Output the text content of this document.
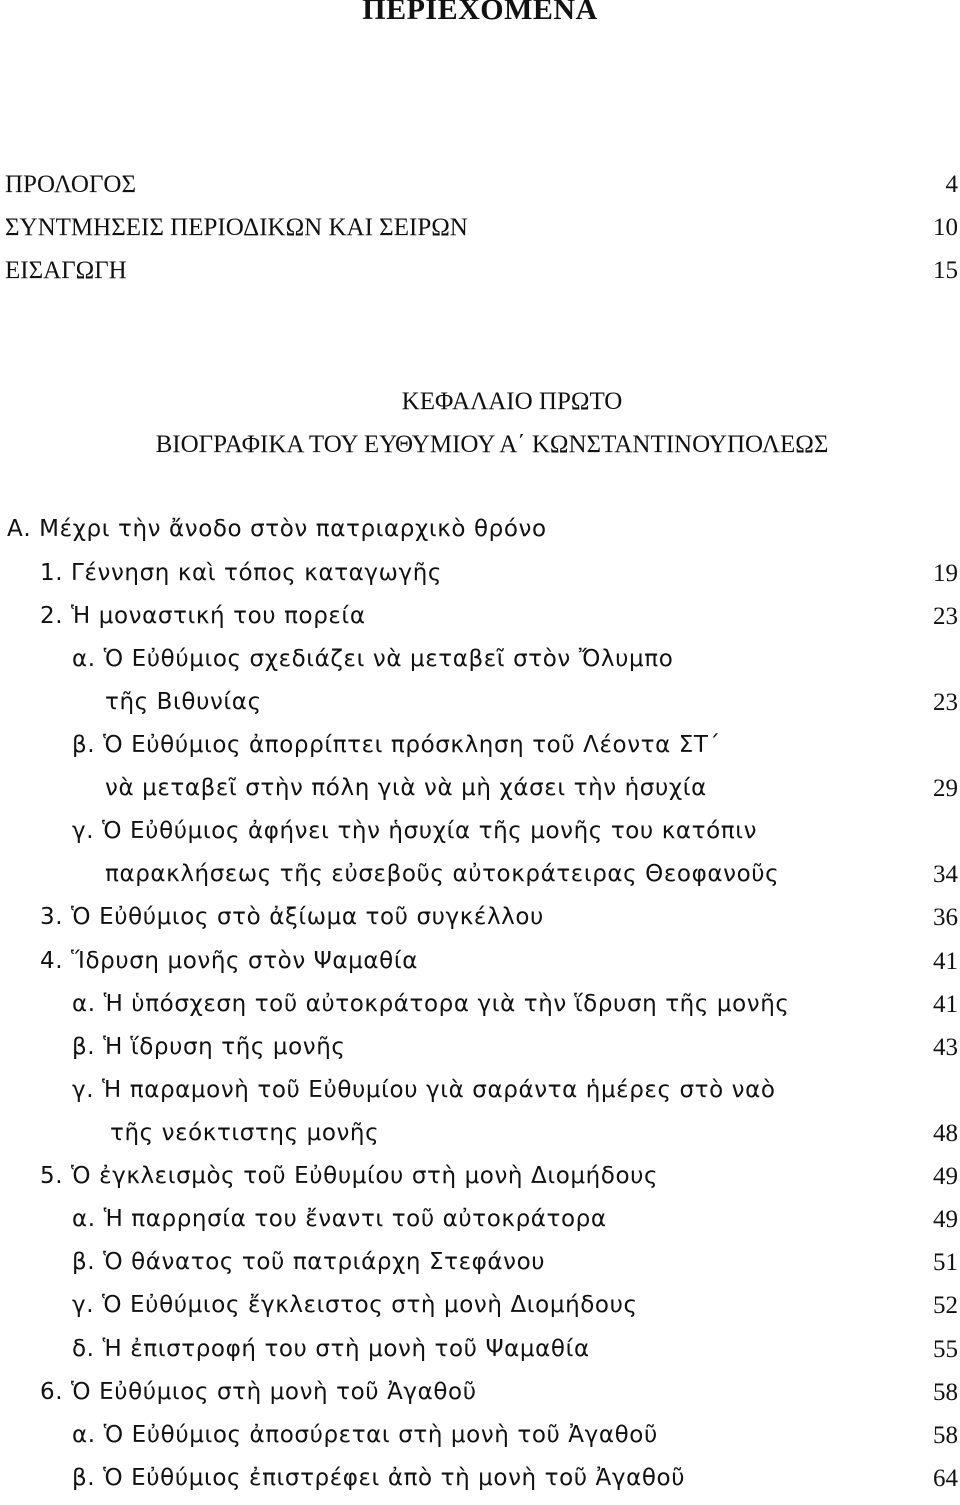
ΠΕΡΙΕΧΟΜΕΝΑ
ΠΡΟΛΟΓΟΣ	4
ΣΥΝΤΜΗΣΕΙΣ ΠΕΡΙΟΔΙΚΩΝ ΚΑΙ ΣΕΙΡΩΝ	10
ΕΙΣΑΓΩΓΗ	15
ΚΕΦΑΛΑΙΟ ΠΡΩΤΟ
ΒΙΟΓΡΑΦΙΚΑ ΤΟΥ ΕΥΘΥΜΙΟΥ Α΄ ΚΩΝΣΤΑΝΤΙΝΟΥΠΟΛΕΩΣ
Α. Μέχρι τὴν ἄνοδο στὸν πατριαρχικὸ θρόνο
1. Γέννηση καὶ τόπος καταγωγῆς	19
2. Ἡ μοναστική του πορεία	23
α. Ὁ Εὐθύμιος σχεδιάζει νὰ μεταβεῖ στὸν Ὄλυμπο
τῆς Βιθυνίας	23
β. Ὁ Εὐθύμιος ἀπορρίπτει πρόσκληση τοῦ Λέοντα ΣΤ΄
νὰ μεταβεῖ στὴν πόλη γιὰ νὰ μὴ χάσει τὴν ἡσυχία	29
γ. Ὁ Εὐθύμιος ἀφήνει τὴν ἡσυχία τῆς μονῆς του κατόπιν
παρακλήσεως τῆς εὐσεβοῦς αὐτοκράτειρας Θεοφανοῦς	34
3. Ὁ Εὐθύμιος στὸ ἀξίωμα τοῦ συγκέλλου	36
4. Ἵδρυση μονῆς στὸν Ψαμαθία	41
α. Ἡ ὑπόσχεση τοῦ αὐτοκράτορα γιὰ τὴν ἵδρυση τῆς μονῆς	41
β. Ἡ ἵδρυση τῆς μονῆς	43
γ. Ἡ παραμονὴ τοῦ Εὐθυμίου γιὰ σαράντα ἡμέρες στὸ ναὸ
τῆς νεόκτιστης μονῆς	48
5. Ὁ ἐγκλεισμὸς τοῦ Εὐθυμίου στὴ μονὴ Διομήδους	49
α. Ἡ παρρησία του ἔναντι τοῦ αὐτοκράτορα	49
β. Ὁ θάνατος τοῦ πατριάρχη Στεφάνου	51
γ. Ὁ Εὐθύμιος ἔγκλειστος στὴ μονὴ Διομήδους	52
δ. Ἡ ἐπιστροφή του στὴ μονὴ τοῦ Ψαμαθία	55
6. Ὁ Εὐθύμιος στὴ μονὴ τοῦ Ἀγαθοῦ	58
α. Ὁ Εὐθύμιος ἀποσύρεται στὴ μονὴ τοῦ Ἀγαθοῦ	58
β. Ὁ Εὐθύμιος ἐπιστρέφει ἀπὸ τὴ μονὴ τοῦ Ἀγαθοῦ	64
